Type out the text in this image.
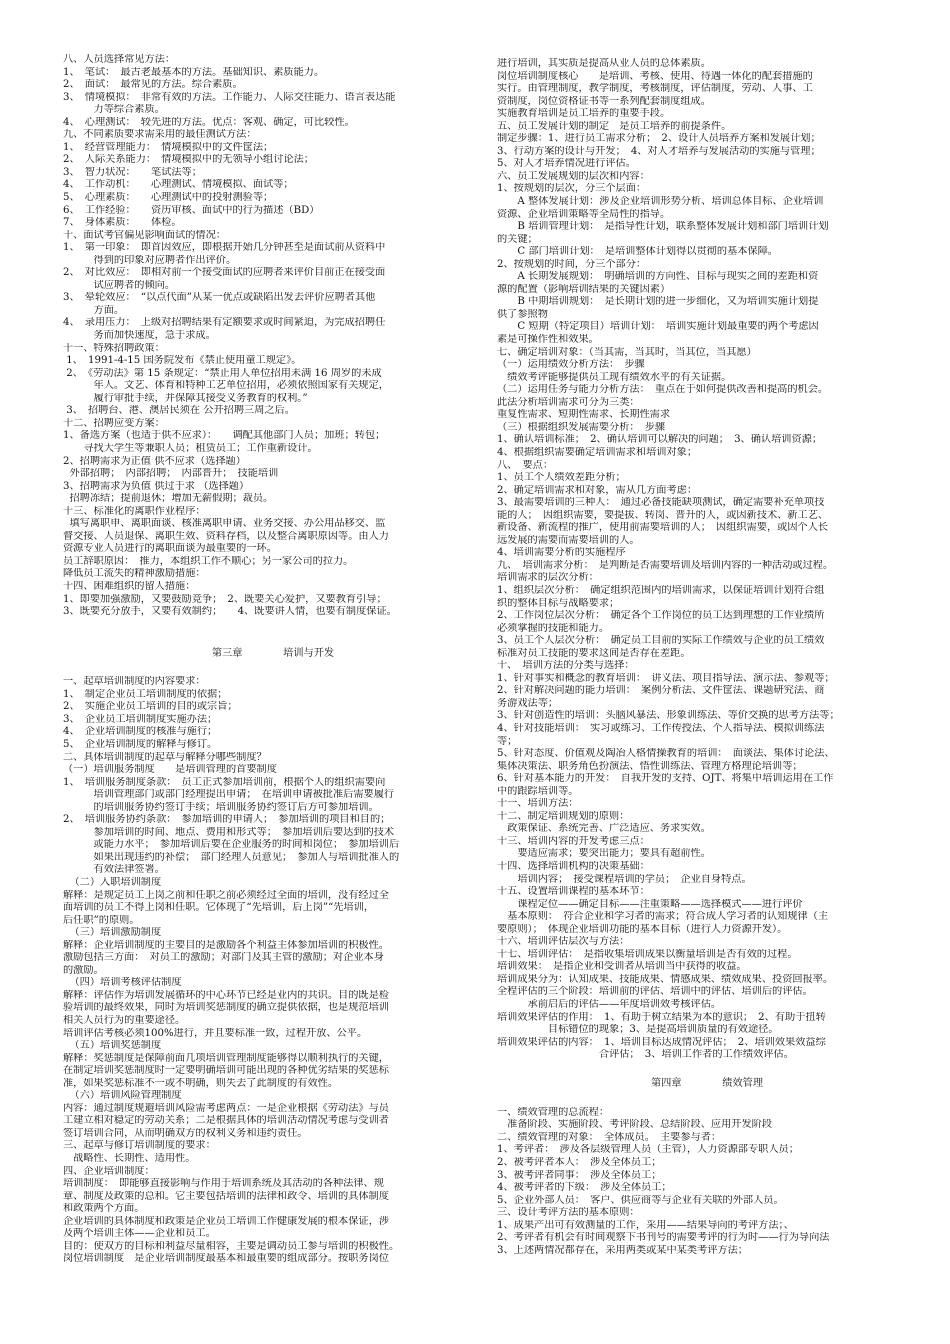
八、人员选择常见方法：
1、　笔试：　最古老最基本的方法。基础知识、素质能力。
2、　面试：　最常见的方法。综合素质。
3、　情境模拟：　非常有效的方法。工作能力、人际交往能力、语言表达能
　　　力等综合素质。
4、　心理测试：　较先进的方法。优点：客观、确定，可比较性。
九、不同素质要求需采用的最佳测试方法：
1、　经营管理能力：　情境模拟中的文件筐法；
2、　人际关系能力：　情境模拟中的无领导小组讨论法；
3、　智力状况：　　笔试法等；
4、　工作动机：　　心理测试、情境模拟、面试等；
5、　心理素质：　　心理测试中的投射测验等；
6、　工作经验：　　资历审核、面试中的行为描述（BD）
7、　身体素质：　　体检。
十、面试考官偏见影响面试的情况：
1、　第一印象：　即首因效应，即根据开始几分钟甚至是面试前从资料中
　　　得到的印象对应聘者作出评价。
2、　对比效应：　即相对前一个接受面试的应聘者来评价目前正在接受面
　　　试应聘者的倾向。
3、　晕轮效应：　“以点代面”从某一优点或缺陷出发去评价应聘者其他
　　　方面。
4、　录用压力：　上级对招聘结果有定额要求或时间紧迫，为完成招聘任
　　　务而加快速度，急于求成。
十一、特殊招聘政策：
1、　1991-4-15 国务院发布《禁止使用童工规定》。
2、　《劳动法》第 15 条规定：“禁止用人单位招用未满 16 周岁的未成
　　　年人。文艺、体育和特种工艺单位招用，必须依照国家有关规定，
　　　履行审批手续，并保障其接受义务教育的权利。”
3、　招聘台、港、澳居民须在 公开招聘三周之后。
十二、招聘应变方案：
1、备选方案（也适于供不应求）：　　调配其他部门人员；加班；转包；
　　寻找大学生等兼职人员；租赁员工；工作重新设计。
2、招聘需求为正值 供不应求（选择题）
外部招聘；　内部招聘；　内部晋升；　技能培训
3、招聘需求为负值 供过于求 （选择题）
招聘冻结；提前退休；增加无薪假期；裁员。
十三、标准化的离职作业程序：
填写离职申、离职面谈、核准离职申请、业务交接、办公用品移交、监
督交接、人员退保、离职生效、资料存档，以及整合离职原因等。由人力
资源专业人员进行的离职面谈为最重要的一环。
员工辞职原因：　推力，本组织工作不顺心；另一家公司的拉力。
降低员工流失的精神激励措施：
十四、困难组织的留人措施：
1、即要加强激励，又要鼓励竞争；　2、既要关心爱护，又要教育引导；
3、既要充分放手，又要有效制约；　　4、既要讲人情，也要有制度保证。
第三章　　　　培训与开发
一、起草培训制度的内容要求：
1、　制定企业员工培训制度的依据；
2、　实施企业员工培训的目的或宗旨；
3、　企业员工培训制度实施办法；
4、　企业培训制度的核准与施行；
5、　企业培训制度的解释与修订。
二、具体培训制度的起草与解释分哪些制度？
（一）培训服务制度　　是培训管理的首要制度
1、　培训服务制度条款：　员工正式参加培训前，根据个人的组织需要向
　　　培训管理部门或部门经理提出申请；　在培训申请被批准后需要履行
　　　的培训服务协约签订手续；培训服务协约签订后方可参加培训。
2、　培训服务协约条款：　参加培训的申请人；　参加培训的项目和目的；
　　　参加培训的时间、地点、费用和形式等；　参加培训后要达到的技术
　　　或能力水平；　参加培训后要在企业服务的时间和岗位；　参加培训后
　　　如果出现违约的补偿；　部门经理人员意见；　参加人与培训批准人的
　　　有效法律签署。
（二）入职培训制度
解释：是规定员工上岗之前和任职之前必须经过全面的培训，没有经过全
面培训的员工不得上岗和任职。它体现了“先培训，后上岗”“先培训，
后任职”的原则。
（三）培训激励制度
解释：企业培训制度的主要目的是激励各个利益主体参加培训的积极性。
激励包括三方面：　对员工的激励；对部门及其主管的激励；对企业本身
的激励。
（四）培训考核评估制度
解释：评估作为培训发展循环的中心环节已经是业内的共识。目的既是检
验培训的最终效果，同时为培训奖惩制度的确立提供依据，也是规范培训
相关人员行为的重要途径。
培训评估考核必须100%进行，并且要标准一致，过程开放、公平。
（五）培训奖惩制度
解释：奖惩制度是保障前面几项培训管理制度能够得以顺利执行的关键，
在制定培训奖惩制度时一定要明确培训可能出现的各种优劣结果的奖惩标
准，如果奖惩标准不一或不明确，则失去了此制度的有效性。
（六）培训风险管理制度
内容：通过制度规避培训风险需考虑两点：一是企业根据《劳动法》与员
工建立相对稳定的劳动关系；二是根据具体的培训活动情况考虑与受训者
签订培训合同，从而明确双方的权利义务和违约责任。
三、起草与修订培训制度的要求：
　战略性、长期性、适用性。
四、企业培训制度：
培训制度：　即能够直接影响与作用于培训系统及其活动的各种法律、规
章、制度及政策的总和。它主要包括培训的法律和政令、培训的具体制度
和政策两个方面。
企业培训的具体制度和政策是企业员工培训工作健康发展的根本保证，涉
及两个培训主体——企业和员工。
目的：使双方的目标和利益尽量相容，主要是调动员工参与培训的积极性。
岗位培训制度　是企业培训制度最基本和最重要的组成部分。按职务岗位
进行培训，其实质是提高从业人员的总体素质。
岗位培训制度核心　　是培训、考核、使用、待遇一体化的配套措施的
实行。由管理制度，教学制度，考核制度，评估制度，劳动、人事、工
资制度，岗位资格证书等一系列配套制度组成。
实施教育培训是员工培养的重要手段。
五、员工发展计划的制定　是员工培养的前提条件。
制定步骤：1、进行员工需求分析；　2、设计人员培养方案和发展计划；
3、行动方案的设计与开发；　4、对人才培养与发展活动的实施与管理；
5、对人才培养情况进行评估。
六、员工发展规划的层次和内容：
1、按规划的层次，分三个层面：
　　A 整体发展计划：涉及企业培训形势分析、培训总体目标、企业培训
资源、企业培训策略等全局性的指导。
　　B 培训管理计划：　是指导性计划，联系整体发展计划和部门培训计划
的关键；
　　C 部门培训计划：　是培训整体计划得以贯彻的基本保障。
2、按规划的时间，分三个部分：
　　A 长期发展规划：　明确培训的方向性、目标与现实之间的差距和资
源的配置（影响培训结果的关键因素）
　　B 中期培训规划：　是长期计划的进一步细化，又为培训实施计划提
供了参照物
　　C 短期（特定项目）培训计划：　培训实施计划最重要的两个考虑因
素是可操作性和效果。
七、确定培训对象：（当其需，当其时，当其位，当其愿）
（一）运用绩效分析方法：　步骤
　绩效考评能够提供员工现有绩效水平的有关证据。
（二）运用任务与能力分析方法：　重点在于如何提供改善和提高的机会。
此法分析培训需求可分为三类：
重复性需求、短期性需求、长期性需求
（三）根据组织发展需要分析：　步骤
1、确认培训标准；　2、确认培训可以解决的问题；　3、确认培训资源；
4、根据组织需要确定培训需求和培训对象；
八、　要点：
1、员工个人绩效差距分析；
2、确定培训需求和对象，需从几方面考虑：
3、最需要培训的三种人：　通过必备技能缺项测试，确定需要补充单项技
能的人；　因组织需要，要提拔、转岗、晋升的人，或因新技术、新工艺、
新设备、新流程的推广，使用前需要培训的人；　因组织需要，或因个人长
远发展的需要而需要培训的人。
4、培训需要分析的实施程序
九、　培训需求分析：　是判断是否需要培训及培训内容的一种活动或过程。
培训需求的层次分析：
1、组织层次分析：　确定组织范围内的培训需求，以保证培训计划符合组
织的整体目标与战略要求；
2、工作岗位层次分析：　确定各个工作岗位的员工达到理想的工作业绩所
必须掌握的技能和能力。
3、员工个人层次分析：　确定员工目前的实际工作绩效与企业的员工绩效
标准对员工技能的要求这间是否存在差距。
十、　培训方法的分类与选择：
1、针对事实和概念的教育培训：　讲义法、项目指导法、演示法、参观等；
2、针对解决问题的能力培训：　案例分析法、文件筐法、课题研究法、商
务游戏法等；
3、针对创造性的培训：头脑风暴法、形象训练法、等价交换的思考方法等；
4、针对技能培训：　实习或练习、工作传授法、个人指导法、模拟训练法
等；
5、针对态度、价值观及陶冶人格情操教育的培训：　面谈法、集体讨论法、
集体决策法、职务角色扮演法、悟性训练法、管理方格理论培训等；
6、针对基本能力的开发：　自我开发的支持、OJT、将集中培训运用在工作
中的跟踪培训等。
十一、培训方法：
十二、制定培训规划的原则：
　政策保证、系统完善、广泛适应、务求实效。
十三、培训内容的开发考虑三点：
　　要适应需求；要突出能力；要具有超前性。
十四、选择培训机构的决策基础：
　　培训内容；　接受课程培训的学员；　企业自身特点。
十五、设置培训课程的基本环节：
　　课程定位——确定目标——注重策略——选择模式——进行评价
　基本原则：　符合企业和学习者的需求；符合成人学习者的认知规律（主
要原则）；　体现企业培训功能的基本目标（进行人力资源开发）。
十六、培训评估层次与方法：
十七、培训评估：　是指收集培训成果以衡量培训是否有效的过程。
培训效果：　是指企业和受训者从培训当中获得的收益。
培训成果分为：认知成果、技能成果、情感成果、绩效成果、投资回报率。
全程评估的三个阶段：培训前的评估、培训中的评估、培训后的评估。
　　　承前启后的评估——年度培训效考核评估。
培训效果评估的作用：　1、有助于树立结果为本的意识；　2、有助于扭转
　　　　　目标错位的现象；3、是提高培训质量的有效途径。
培训效果评估的内容：　1、培训目标达成情况评估；　2、培训效果效益综
　　　　　　　　　　合评估；　3、培训工作者的工作绩效评估。
第四章　　　　绩效管理
一、绩效管理的总流程：
　准备阶段、实施阶段、考评阶段、总结阶段、应用开发阶段
二、绩效管理的对象：　全体成员。　主要参与者：
1、考评者：　涉及各层级管理人员（主管），人力资源部专职人员；
2、被考评者本人：　涉及全体员工；
3、被考评者同事：　涉及全体员工；
4、被考评者的下级：　涉及全体员工；
5、企业外部人员：　客户、供应商等与企业有关联的外部人员。
三、设计考评方法的基本原则：
1、成果产出可有效测量的工作，采用——结果导向的考评方法；、
2、考评者有机会有时间观察下书刊号的需要考评的行为时——行为导向法
3、上述两情况都存在，采用两类或某中某类考评方法；
